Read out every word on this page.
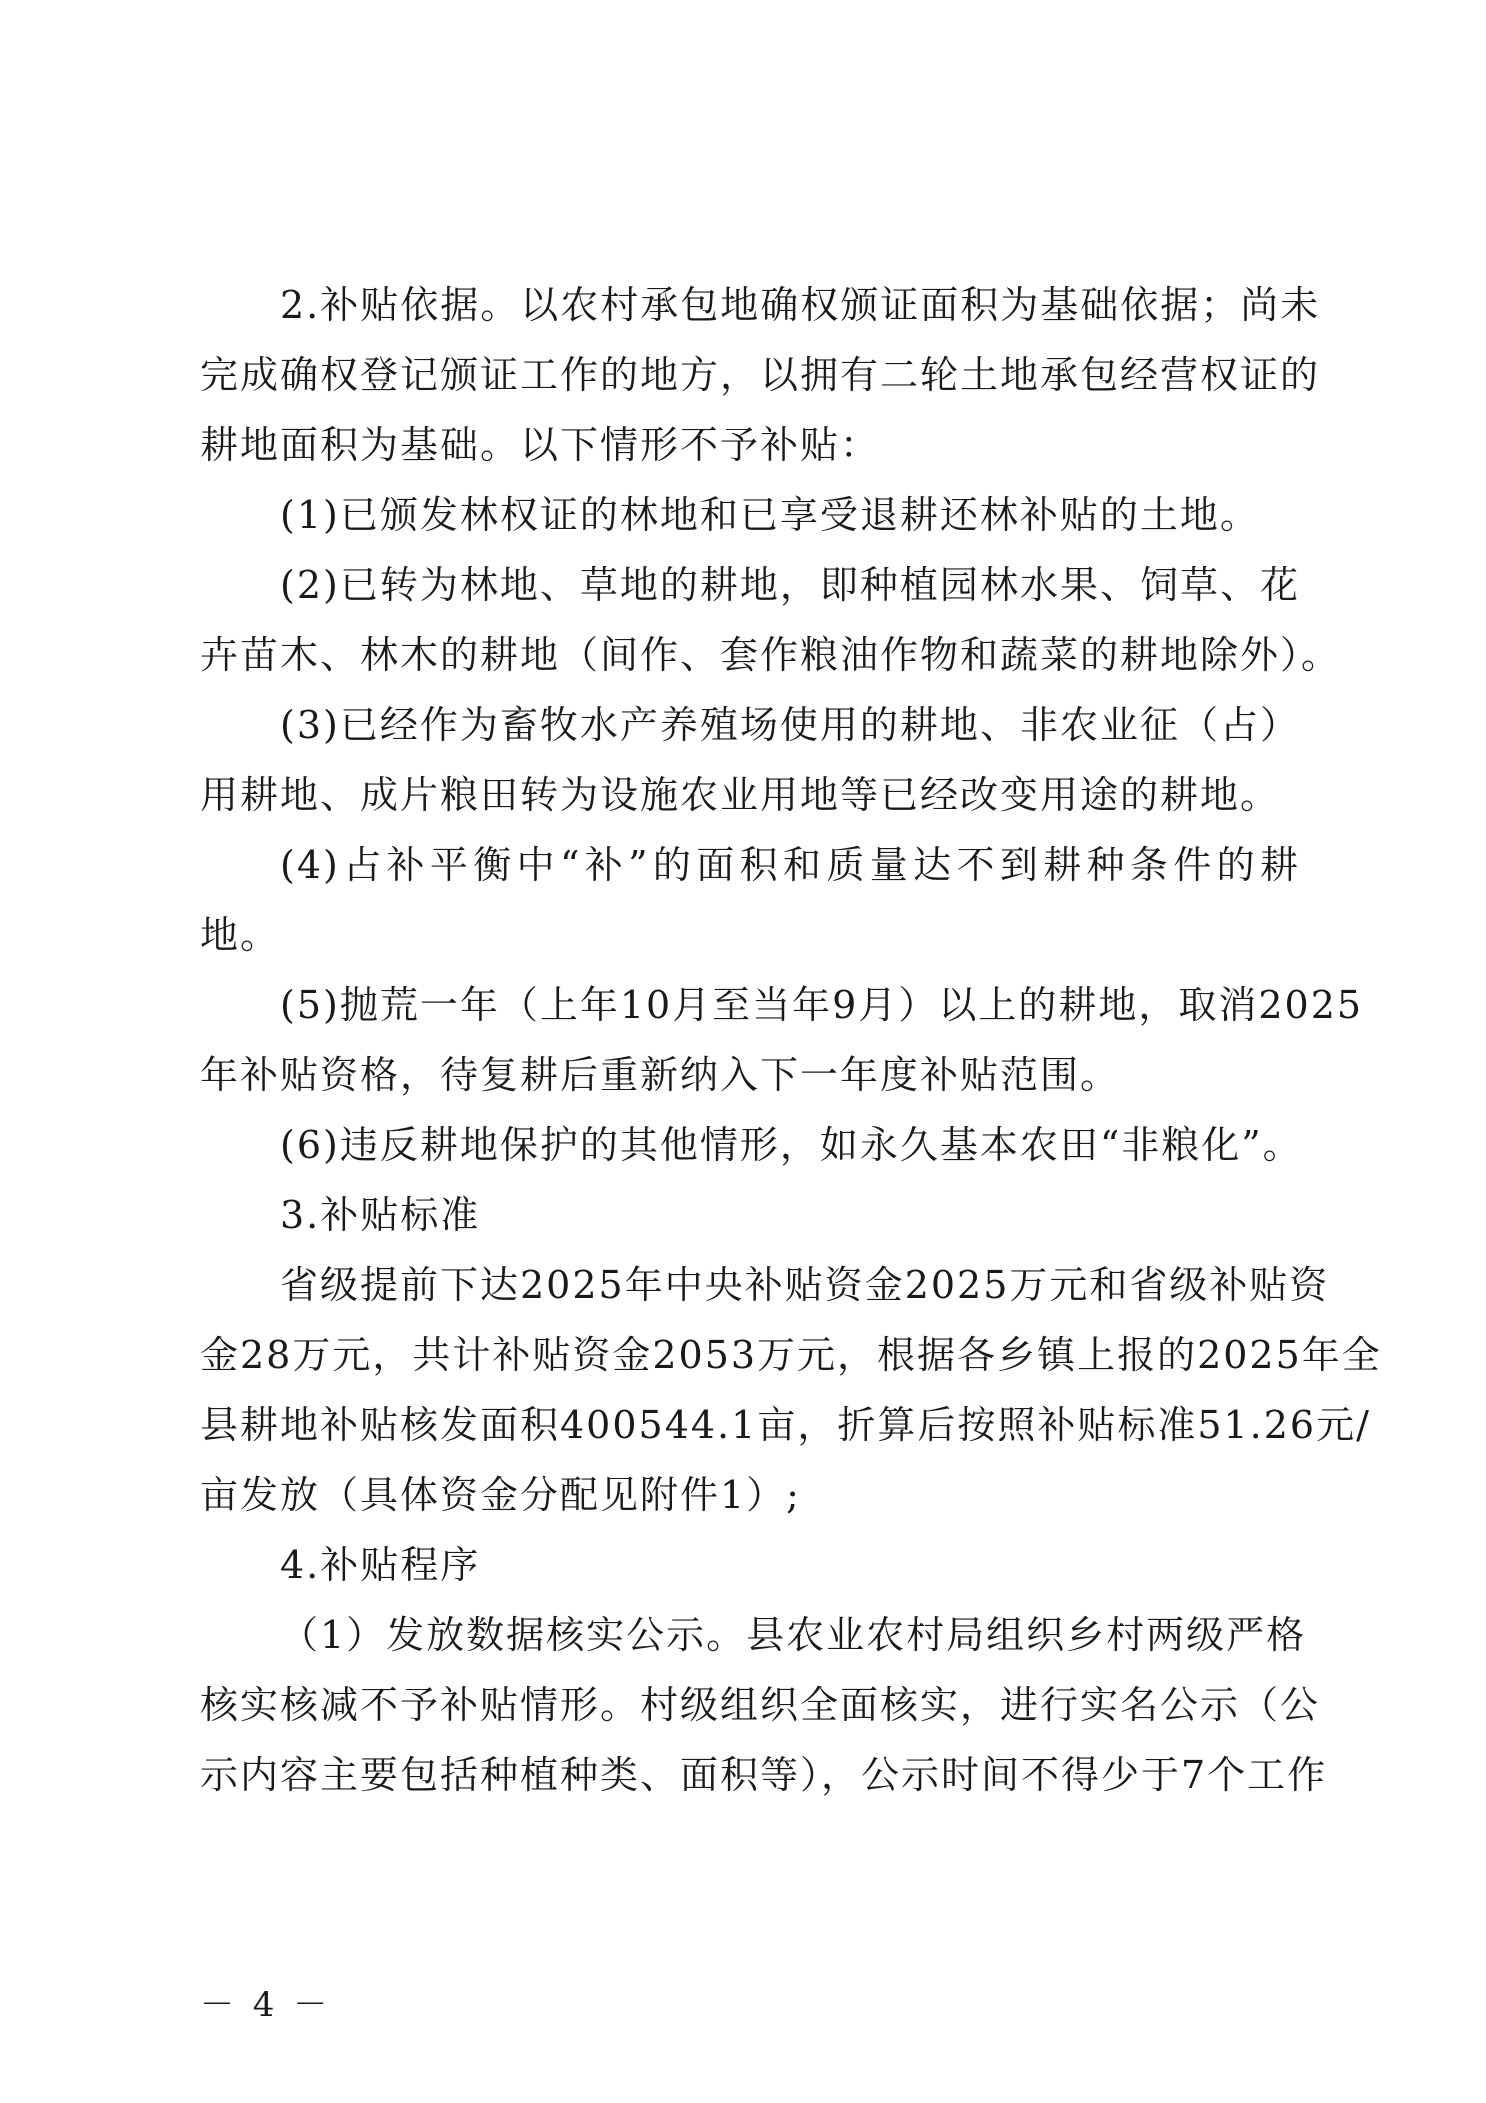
2.补贴依据。以农村承包地确权颁证面积为基础依据；尚未
完成确权登记颁证工作的地方，以拥有二轮土地承包经营权证的
耕地面积为基础。以下情形不予补贴：
(1)已颁发林权证的林地和已享受退耕还林补贴的土地。
(2)已转为林地、草地的耕地，即种植园林水果、饲草、花
卉苗木、林木的耕地（间作、套作粮油作物和蔬菜的耕地除外）。
(3)已经作为畜牧水产养殖场使用的耕地、非农业征（占）
用耕地、成片粮田转为设施农业用地等已经改变用途的耕地。
(4)占补平衡中“补”的面积和质量达不到耕种条件的耕
地。
(5)抛荒一年（上年10月至当年9月）以上的耕地，取消2025
年补贴资格，待复耕后重新纳入下一年度补贴范围。
(6)违反耕地保护的其他情形，如永久基本农田“非粮化”。
3.补贴标准
省级提前下达2025年中央补贴资金2025万元和省级补贴资
金28万元，共计补贴资金2053万元，根据各乡镇上报的2025年全
县耕地补贴核发面积400544.1亩，折算后按照补贴标准51.26元/
亩发放（具体资金分配见附件1）;
4.补贴程序
（1）发放数据核实公示。县农业农村局组织乡村两级严格
核实核减不予补贴情形。村级组织全面核实，进行实名公示（公
示内容主要包括种植种类、面积等），公示时间不得少于7个工作
－ 4 －
